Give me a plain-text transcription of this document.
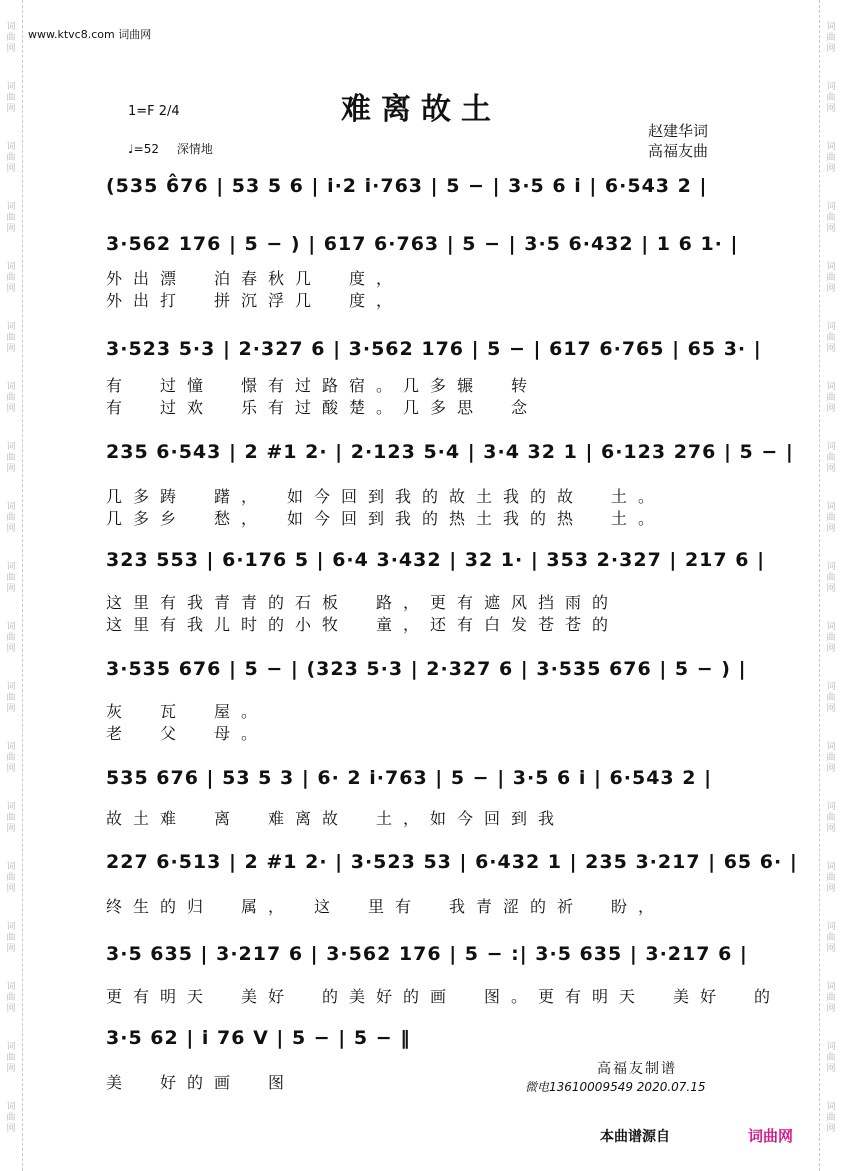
词
曲
网
词
曲
网
词
曲
网
词
曲
网
词
曲
网
词
曲
网
词
曲
网
词
曲
网
词
曲
网
词
曲
网
词
曲
网
词
曲
网
词
曲
网
词
曲
网
词
曲
网
词
曲
网
词
曲
网
词
曲
网
词
曲
网
词
曲
网
词
曲
网
词
曲
网
词
曲
网
词
曲
网
词
曲
网
词
曲
网
词
曲
网
词
曲
网
词
曲
网
词
曲
网
词
曲
网
词
曲
网
词
曲
网
词
曲
网
词
曲
网
词
曲
网
词
曲
网
词
曲
网
www.ktvc8.com 词曲网
难离故土
1=F 2/4
♩=52 深情地
赵建华词
高福友曲
(535 6̂76 | 53 5 6 | i·2 i·763 | 5 − | 3·5 6 i | 6·543 2 |
3·562 176 | 5 − ) | 617 6·763 | 5 − | 3·5 6·432 | 1 6 1· |
外出漂　泊春秋几　度，
外出打　拼沉浮几　度，
3·523 5·3 | 2·327 6 | 3·562 176 | 5 − | 617 6·765 | 65 3· |
有　过憧　憬有过路宿。几多辗　转
有　过欢　乐有过酸楚。几多思　念
235 6·543 | 2 #1 2· | 2·123 5·4 | 3·4 32 1 | 6·123 276 | 5 − |
几多踌　躇，　如今回到我的故土我的故　土。
几多乡　愁，　如今回到我的热土我的热　土。
323 553 | 6·176 5 | 6·4 3·432 | 32 1· | 353 2·327 | 217 6 |
这里有我青青的石板　路，更有遮风挡雨的
这里有我儿时的小牧　童，还有白发苍苍的
3·535 676 | 5 − | (323 5·3 | 2·327 6 | 3·535 676 | 5 − ) |
灰　瓦　屋。
老　父　母。
535 676 | 53 5 3 | 6· 2 i·763 | 5 − | 3·5 6 i | 6·543 2 |
故土难　离　难离故　土，如今回到我
227 6·513 | 2 #1 2· | 3·523 53 | 6·432 1 | 235 3·217 | 65 6· |
终生的归　属，　这　里有　我青涩的祈　盼，
3·5 635 | 3·217 6 | 3·562 176 | 5 − :| 3·5 635 | 3·217 6 |
更有明天　美好　的美好的画　图。更有明天　美好　的
3·5 62 | i 76 V | 5 − | 5 − ‖
美　好的画　图
高福友制谱
微电13610009549 2020.07.15
本曲谱源自	词曲网
